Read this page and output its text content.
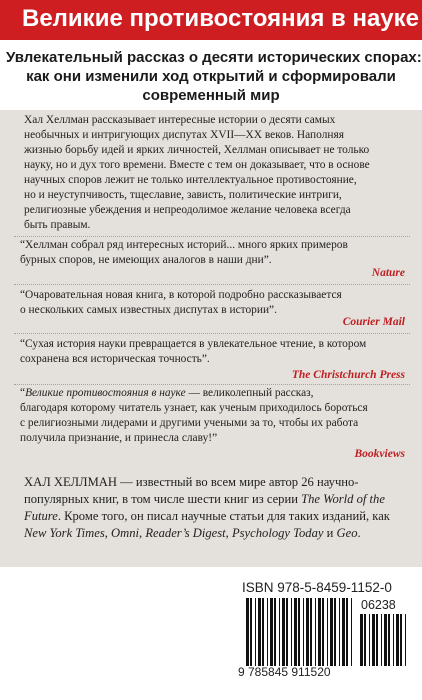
Великие противостояния в науке
Увлекательный рассказ о десяти исторических спорах:
как они изменили ход открытий и сформировали
современный мир
Хал Хеллман рассказывает интересные истории о десяти самых
необычных и интригующих диспутах XVII—XX веков. Наполняя
жизнью борьбу идей и ярких личностей, Хеллман описывает не только
науку, но и дух того времени. Вместе с тем он доказывает, что в основе
научных споров лежит не только интеллектуальное противостояние,
но и неуступчивость, тщеславие, зависть, политические интриги,
религиозные убеждения и непреодолимое желание человека всегда
быть правым.
“Хеллман собрал ряд интересных историй... много ярких примеров
бурных споров, не имеющих аналогов в наши дни”.
Nature
“Очаровательная новая книга, в которой подробно рассказывается
о нескольких самых известных диспутах в истории”.
Courier Mail
“Сухая история науки превращается в увлекательное чтение, в котором
сохранена вся историческая точность”.
The Christchurch Press
“Великие противостояния в науке — великолепный рассказ,
благодаря которому читатель узнает, как ученым приходилось бороться
с религиозными лидерами и другими учеными за то, чтобы их работа
получила признание, и принесла славу!”
Bookviews
ХАЛ ХЕЛЛМАН — известный во всем мире автор 26 научно-
популярных книг, в том числе шести книг из серии The World of the
Future. Кроме того, он писал научные статьи для таких изданий, как
New York Times, Omni, Reader’s Digest, Psychology Today и Geo.
ISBN 978-5-8459-1152-0
06238
9 785845 911520
